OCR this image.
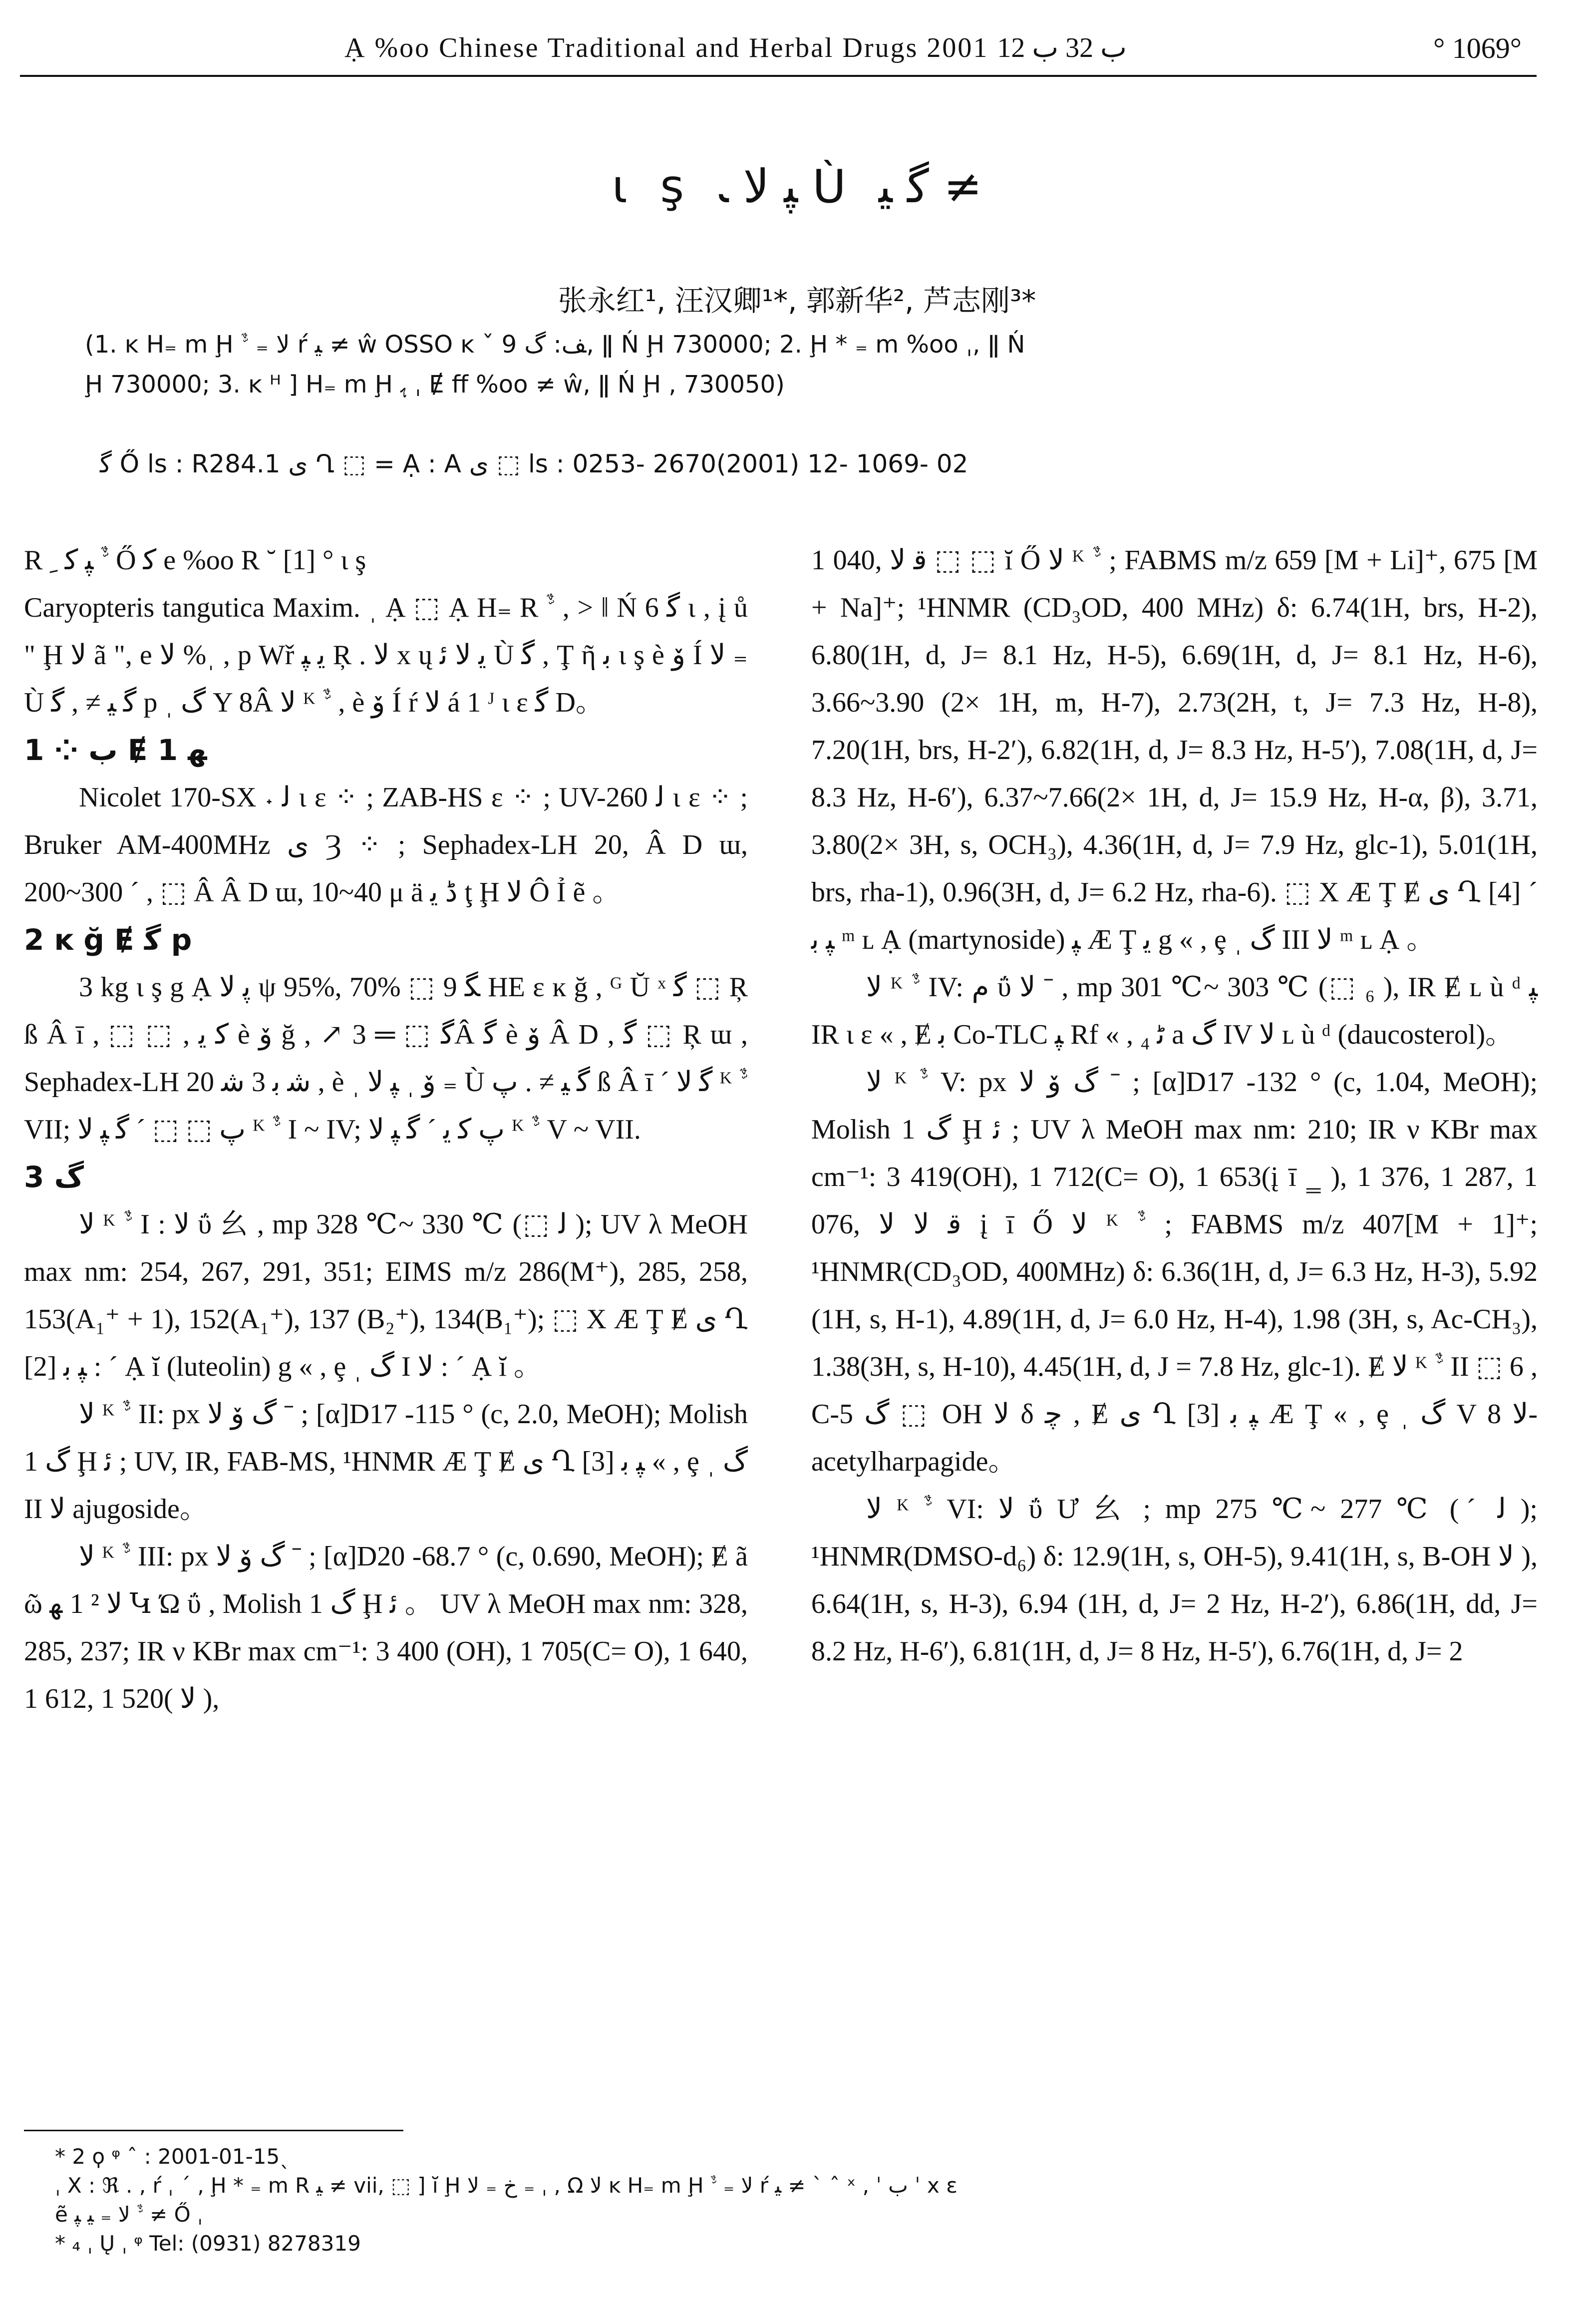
Ạ %oo Chinese Traditional and Herbal Drugs 2001 ب 32 ب 12	° 1069°
ι ş ﭙ ﻻ ﹳ Ù ﮔ ﻴ ≠
张永红¹, 汪汉卿¹*, 郭新华², 芦志刚³*
(1. ĸ H₌ m Ḩ ﻻ ₌ ﱞ ŕ ﻴ ≠ ŵ OSSO ĸ ˇ ﻒ: ﮒ 9, ǁ Ń Ḩ 730000; 2. Ḩ * ₌ m %oo ˌ, ǁ Ń
Ḩ 730000; 3. ĸ ᴴ ] H₌ m Ḩ ﮨ ˌ Ɇ ff %oo ≠ ŵ, ǁ Ń Ḩ , 730050)
ﮔ Ő ls : R284.1 ی Ղ ⬚ = Ạ : A ی ⬚ ls : 0253- 2670(2001) 12- 1069- 02

R ﱞ ﭙ ﮐ ﹺ Ő ﮐ e %oo R ˘ [1] ° ι ş

Caryopteris tangutica Maxim. ˌ Ạ ⬚ Ạ H₌ R ﱞ , > ǁ Ń ﮔ 6 ι , į ů " Ḩ ﻻ ã ", e ﻻ %ˌ , p Wř ﻳ ﭙ Ŗ . ﻻ x ų ﻳ ﻻ ﺋ Ù ﮔ , Ţ ῆ ﺑ ι ş è ﯙ Í ﻻ ₌ Ù ﮔ ﻴ ≠ , ﮔ p ˌ ﮒ Y 8Â ﻻ ᴷ ﱞ , è ﯙ Í ŕ ﻻ á 1 ᴶ ι ε ﮔ D。

1 ⁘ ب Ɇ 1 ﻬ

Nicolet 170-SX ˖ ﻟ ι ε ⁘ ; ZAB-HS ε ⁘ ; UV-260 ﻟ ι ε ⁘ ; Bruker AM-400MHz ی Ȝ ⁘ ; Sephadex-LH 20, Â D ɯ, 200~300 ˊ , ⬚ Â Â D ɯ, 10~40 μ ä ﮈ ﻳ ţ Ḩ ﻻ Ô Ỉ ẽ 。

2 ĸ ğ Ɇ ﮔ p

3 kg ι ş g Ạ ﭘ ﻻ ψ 95%, 70% ⬚ 9 ﮕ HE ε ĸ ğ , ᴳ Ŭ ˣ ﮔ ⬚ Ŗ ß Â ī , ⬚ ⬚ , ﮐ ﻳ è ﯙ ğ , ↗ ﮔ ⬚ ═ 3Â ﮔ è ﯙ Â D , ﮔ ⬚ Ŗ ɯ , Sephadex-LH 20 ﺷ ﺑ 3 ﺷ , è ˌ ﯙ ˌ ﭙ ﻻ ₌ Ù ﮔ ﻴ ≠ . ﭖ ß Â ī ˊ ﮔ ﻻ ᴷ ﱞ VII; ﭖ ⬚ ⬚ ˊ ﮔ ﭙ ﻻ ᴷ ﱞ I ~ IV; ﭖ ﮐ ﻳ ˊ ﮔ ﭙ ﻻ ᴷ ﱞ V ~ VII.

3 ﮒ

ﻻ ᴷ ﱞ I : ﻻ ΰ ⺓ , mp 328 ℃~ 330 ℃ (⬚ ﻟ ); UV λ MeOH max nm: 254, 267, 291, 351; EIMS m/z 286(M⁺), 285, 258, 153(A₁⁺ + 1), 152(A₁⁺), 137 (B₂⁺), 134(B₁⁺); ⬚ X Æ Ţ Ɇ ی Ղ [2] ﭙ ﺑ : ˊ Ạ ĭ (luteolin) g « , ȩ ˌ ﮒ I ﻻ : ˊ Ạ ĭ 。

ﻻ ᴷ ﱞ II: px ﮒ ﯙ ﻻ ˉ ; [α]D17 -115 ° (c, 2.0, MeOH); Molish 1 ﮒ Ḩ ﺋ ; UV, IR, FAB-MS, ¹HNMR Æ Ţ Ɇ ی Ղ [3] ﭙ ﺑ « , ȩ ˌ ﮒ II ﻻ ajugoside。

ﻻ ᴷ ﱞ III: px ﮒ ﯙ ﻻ ˉ ; [α]D20 -68.7 ° (c, 0.690, MeOH); Ɇ ã ῶ ﻻ ² 1 ﻬ Կ Ώ ΰ , Molish 1 ﮒ Ḩ ﺋ 。 UV λ MeOH max nm: 328, 285, 237; IR ν KBr max cm⁻¹: 3 400 (OH), 1 705(C= O), 1 640, 1 612, 1 520( ﻻ ),

1 040, ﻗ ﻻ ⬚ ⬚ ĭ Ő ﻻ ᴷ ﱞ ; FABMS m/z 659 [M + Li]⁺, 675 [M + Na]⁺; ¹HNMR (CD₃OD, 400 MHz) δ: 6.74(1H, brs, H-2), 6.80(1H, d, J= 8.1 Hz, H-5), 6.69(1H, d, J= 8.1 Hz, H-6), 3.66~3.90 (2× 1H, m, H-7), 2.73(2H, t, J= 7.3 Hz, H-8), 7.20(1H, brs, H-2′), 6.82(1H, d, J= 8.3 Hz, H-5′), 7.08(1H, d, J= 8.3 Hz, H-6′), 6.37~7.66(2× 1H, d, J= 15.9 Hz, H-α, β), 3.71, 3.80(2× 3H, s, OCH₃), 4.36(1H, d, J= 7.9 Hz, glc-1), 5.01(1H, brs, rha-1), 0.96(3H, d, J= 6.2 Hz, rha-6). ⬚ X Æ Ţ Ɇ ی Ղ [4] ˊ ﭙ ﺑ ᵐ ʟ Ạ (martynoside) ﭙ Æ Ţ ﻳ g « , ȩ ˌ ﮒ III ﻻ ᵐ ʟ Ạ 。

ﻻ ᴷ ﱞ IV: ﻡ ΰ ﻻ ˉ , mp 301 ℃~ 303 ℃ (⬚ ₆ ), IR Ɇ ʟ ù ᵈ ﭙ IR ι ε « , Ɇ ﺑ Co-TLC ﭙ Rf « , ₄ ﮢ a ﮒ IV ﻻ ʟ ù ᵈ (daucosterol)。

ﻻ ᴷ ﱞ V: px ﮒ ﯙ ﻻ ˉ ; [α]D17 -132 ° (c, 1.04, MeOH); Molish 1 ﮒ Ḩ ﺋ ; UV λ MeOH max nm: 210; IR ν KBr max cm⁻¹: 3 419(OH), 1 712(C= O), 1 653(į ī ‗ ), 1 376, 1 287, 1 076, ﻗ ﻻ ﻻ į ī Ő ﻻ ᴷ ﱞ ; FABMS m/z 407[M + 1]⁺; ¹HNMR(CD₃OD, 400MHz) δ: 6.36(1H, d, J= 6.3 Hz, H-3), 5.92 (1H, s, H-1), 4.89(1H, d, J= 6.0 Hz, H-4), 1.98 (3H, s, Ac-CH₃), 1.38(3H, s, H-10), 4.45(1H, d, J = 7.8 Hz, glc-1). Ɇ ﻻ ᴷ ﱞ II ⬚ 6 , C-5 ﮒ ⬚ OH ﻻ δ ﭼ , Ɇ ی Ղ [3] ﭙ ﺑ Æ Ţ « , ȩ ˌ ﮒ V ﻻ 8-acetylharpagide。

ﻻ ᴷ ﱞ VI: ﻻ ΰ Ư ⺓ ; mp 275 ℃~ 277 ℃ (ˊ ﻟ ); ¹HNMR(DMSO-d₆) δ: 12.9(1H, s, OH-5), 9.41(1H, s, B-OH ﻻ ), 6.64(1H, s, H-3), 6.94 (1H, d, J= 2 Hz, H-2′), 6.86(1H, dd, J= 8.2 Hz, H-6′), 6.81(1H, d, J= 8 Hz, H-5′), 6.76(1H, d, J= 2

* 2 ϙ ᵠ ˆ : 2001-01-15ˎ
ˌ X : ℜ . , ŕ ˌ ˊ , Ḩ * ₌ m R ﻴ ≠ vii, ⬚ ] ĭ Ḩ ﺥ ₌ ﻻ ₌ ˌ , Ω ﻻ ĸ H₌ m Ḩ ﻻ ₌ ﱞ ŕ ﻴ ≠ ˋ ˆ ˣ , ˈ ﺏ ˈ x ε
ẽ ﱞ ﻻ ₌ ﻴ ﭙ ≠ Ő ˌ
* ₄ ˌ Ų ˌ ᵠ Tel: (0931) 8278319
